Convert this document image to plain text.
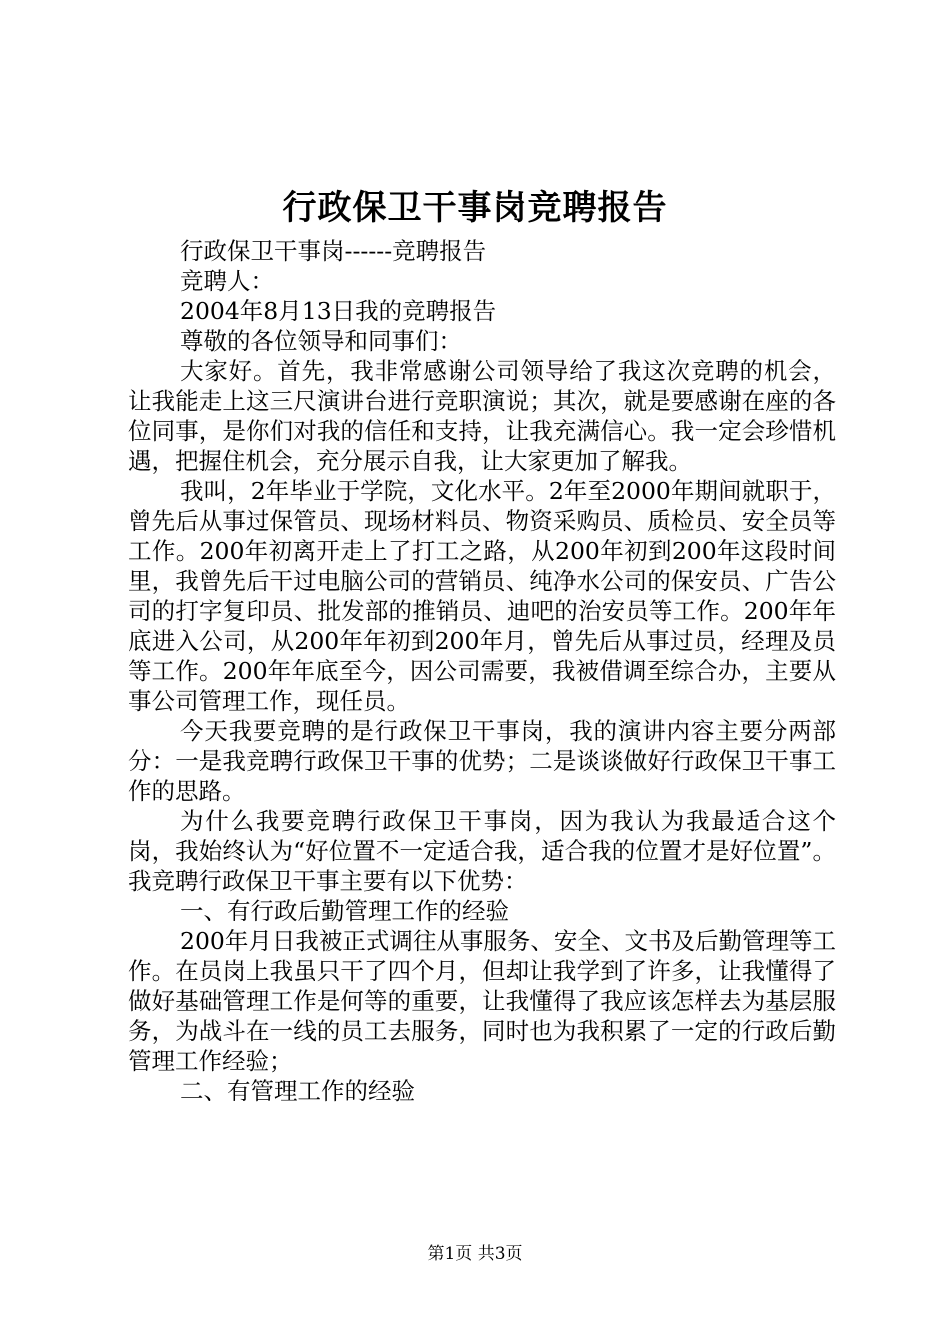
行政保卫干事岗竞聘报告

行政保卫干事岗------竞聘报告

竞聘人：

2004年8月13日我的竞聘报告

尊敬的各位领导和同事们：

大家好。首先，我非常感谢公司领导给了我这次竞聘的机会，让我能走上这三尺演讲台进行竞职演说；其次，就是要感谢在座的各位同事，是你们对我的信任和支持，让我充满信心。我一定会珍惜机遇，把握住机会，充分展示自我，让大家更加了解我。

我叫，2年毕业于学院，文化水平。2年至2000年期间就职于，曾先后从事过保管员、现场材料员、物资采购员、质检员、安全员等工作。200年初离开走上了打工之路，从200年初到200年这段时间里，我曾先后干过电脑公司的营销员、纯净水公司的保安员、广告公司的打字复印员、批发部的推销员、迪吧的治安员等工作。200年年底进入公司，从200年年初到200年月，曾先后从事过员，经理及员等工作。200年年底至今，因公司需要，我被借调至综合办，主要从事公司管理工作，现任员。

今天我要竞聘的是行政保卫干事岗，我的演讲内容主要分两部分：一是我竞聘行政保卫干事的优势；二是谈谈做好行政保卫干事工作的思路。

为什么我要竞聘行政保卫干事岗，因为我认为我最适合这个岗，我始终认为“好位置不一定适合我，适合我的位置才是好位置”。我竞聘行政保卫干事主要有以下优势：

一、有行政后勤管理工作的经验

200年月日我被正式调往从事服务、安全、文书及后勤管理等工作。在员岗上我虽只干了四个月，但却让我学到了许多，让我懂得了做好基础管理工作是何等的重要，让我懂得了我应该怎样去为基层服务，为战斗在一线的员工去服务，同时也为我积累了一定的行政后勤管理工作经验；

二、有管理工作的经验

第1页 共3页
